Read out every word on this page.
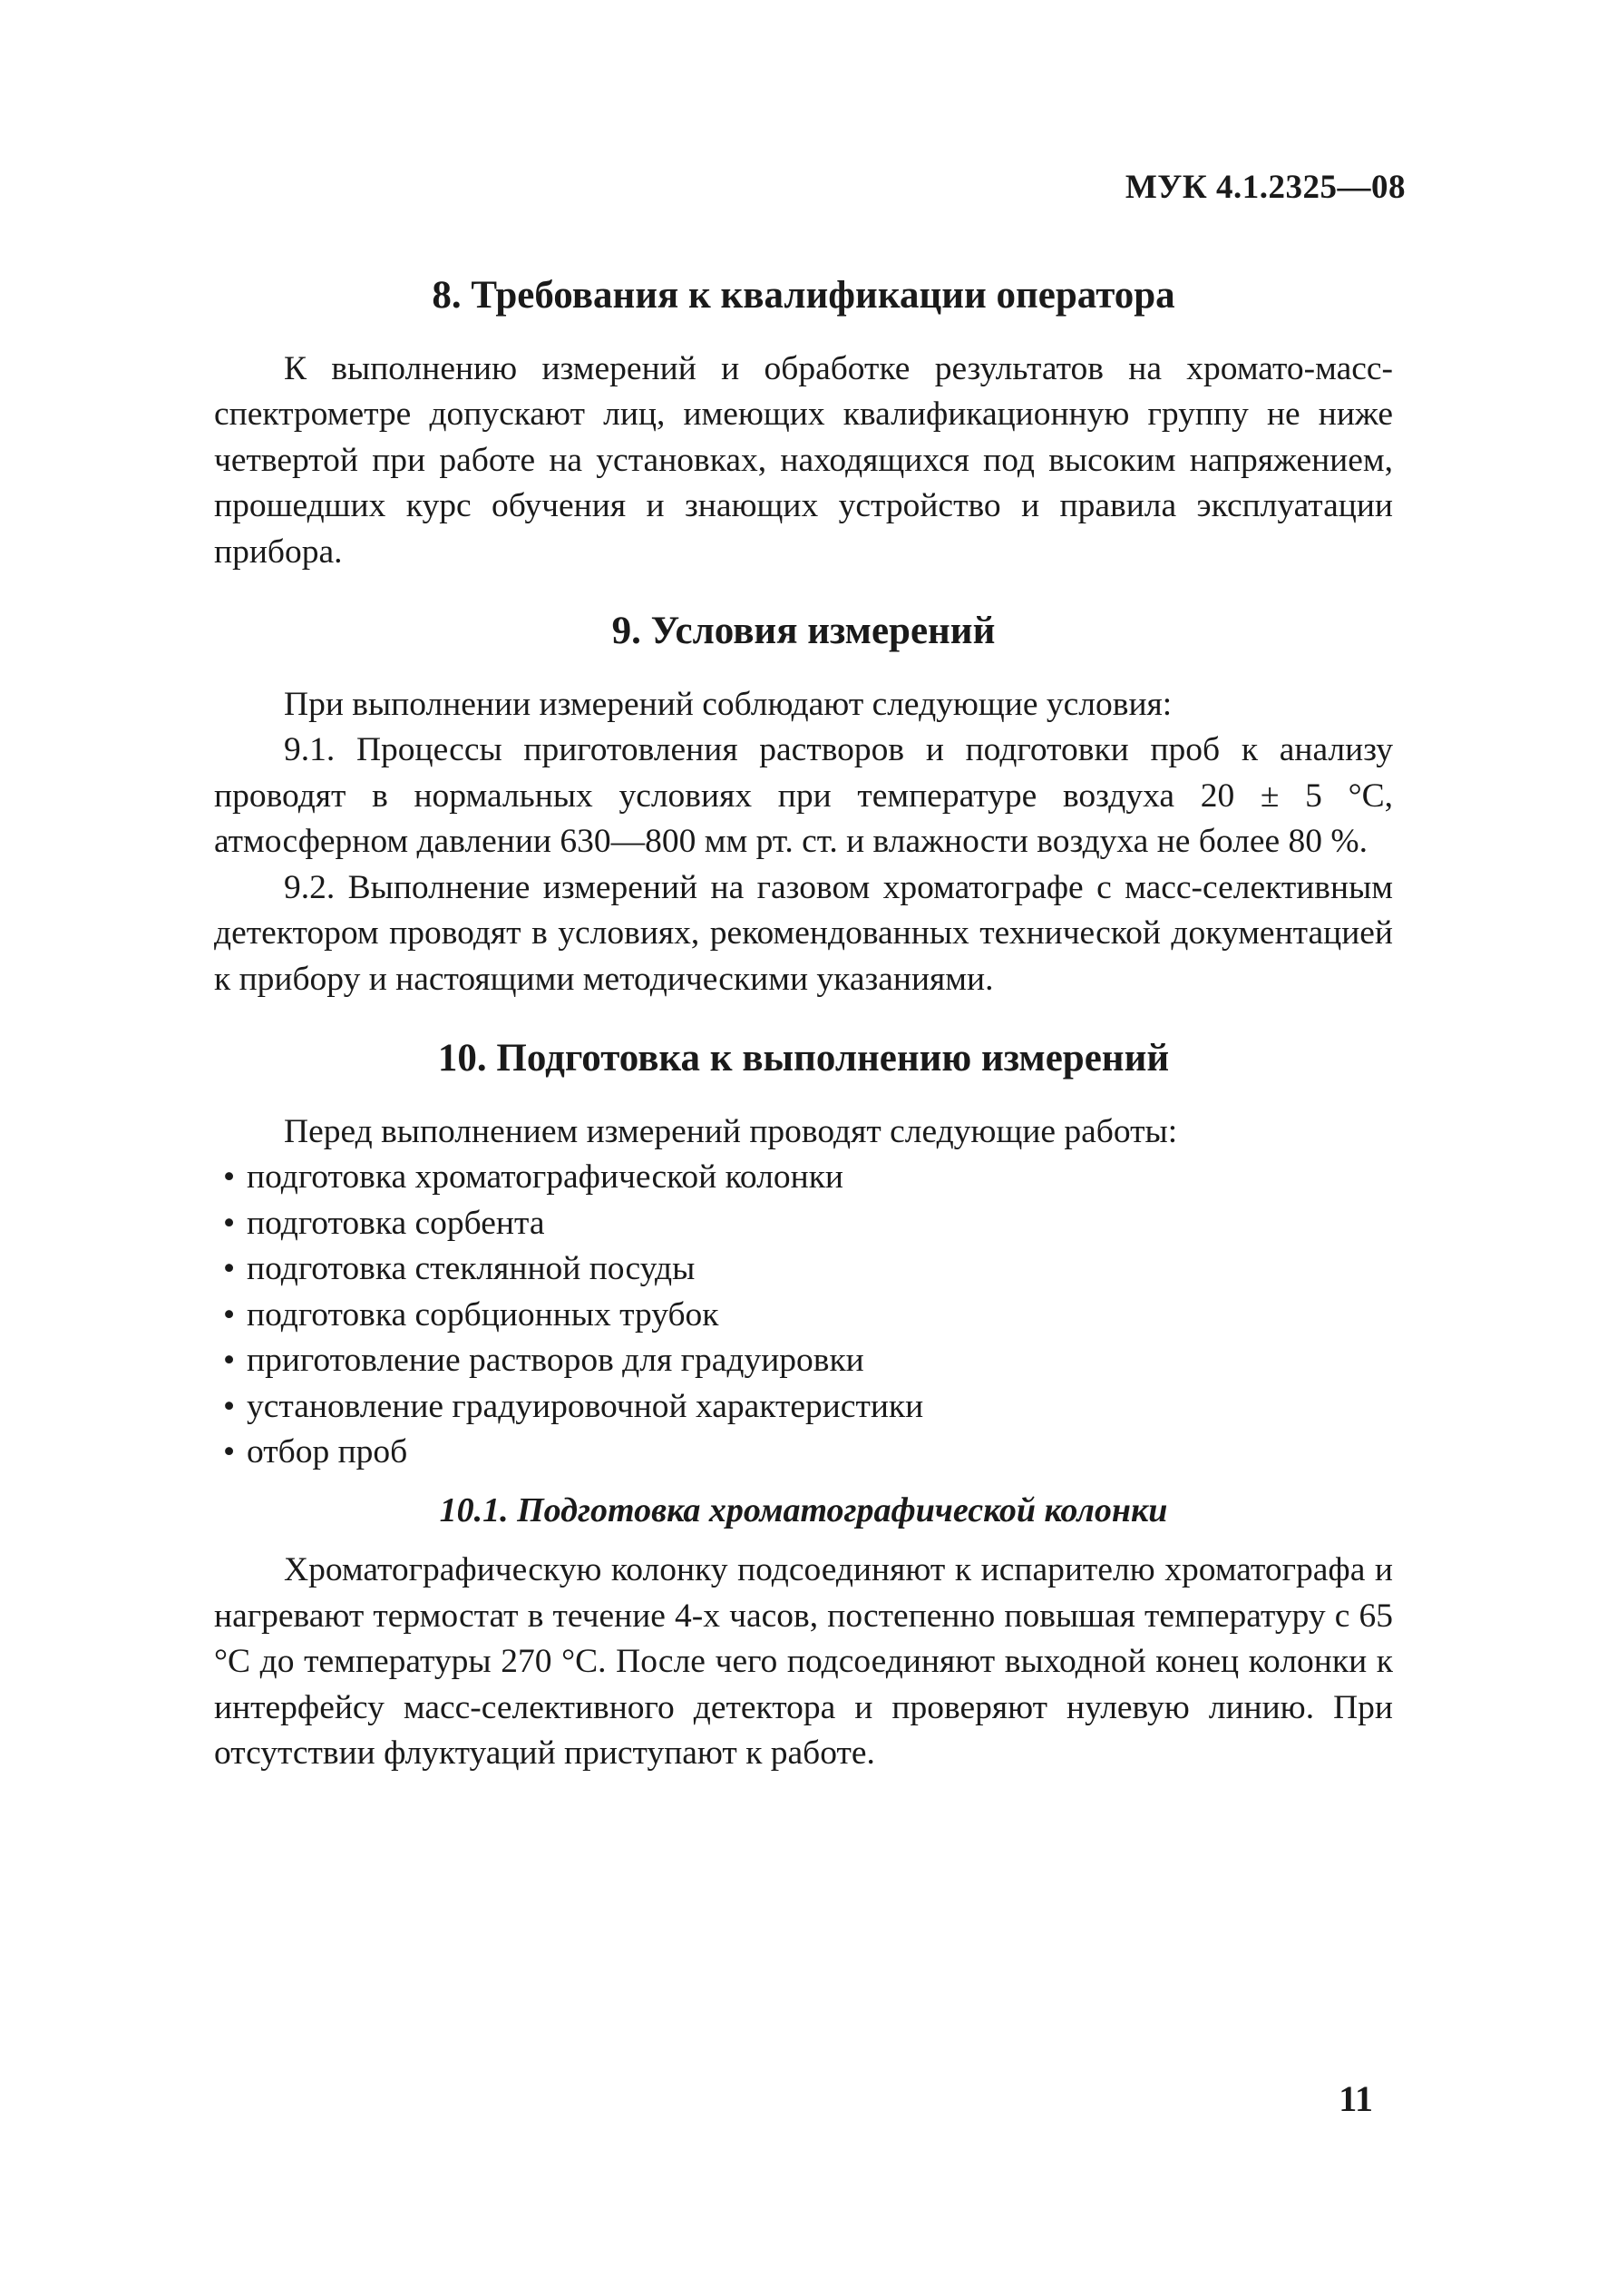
МУК 4.1.2325—08
8. Требования к квалификации оператора

К выполнению измерений и обработке результатов на хромато-масс-спектрометре допускают лиц, имеющих квалификационную группу не ниже четвертой при работе на установках, находящихся под высоким напряжением, прошедших курс обучения и знающих устройство и правила эксплуатации прибора.

9. Условия измерений

При выполнении измерений соблюдают следующие условия:

9.1. Процессы приготовления растворов и подготовки проб к анализу проводят в нормальных условиях при температуре воздуха 20 ± 5 °С, атмосферном давлении 630—800 мм рт. ст. и влажности воздуха не более 80 %.

9.2. Выполнение измерений на газовом хроматографе с масс-селективным детектором проводят в условиях, рекомендованных технической документацией к прибору и настоящими методическими указаниями.

10. Подготовка к выполнению измерений

Перед выполнением измерений проводят следующие работы:

• подготовка хроматографической колонки
• подготовка сорбента
• подготовка стеклянной посуды
• подготовка сорбционных трубок
• приготовление растворов для градуировки
• установление градуировочной характеристики
• отбор проб
10.1. Подготовка хроматографической колонки

Хроматографическую колонку подсоединяют к испарителю хроматографа и нагревают термостат в течение 4-х часов, постепенно повышая температуру с 65 °С до температуры 270 °С. После чего подсоединяют выходной конец колонки к интерфейсу масс-селективного детектора и проверяют нулевую линию. При отсутствии флуктуаций приступают к работе.

11
